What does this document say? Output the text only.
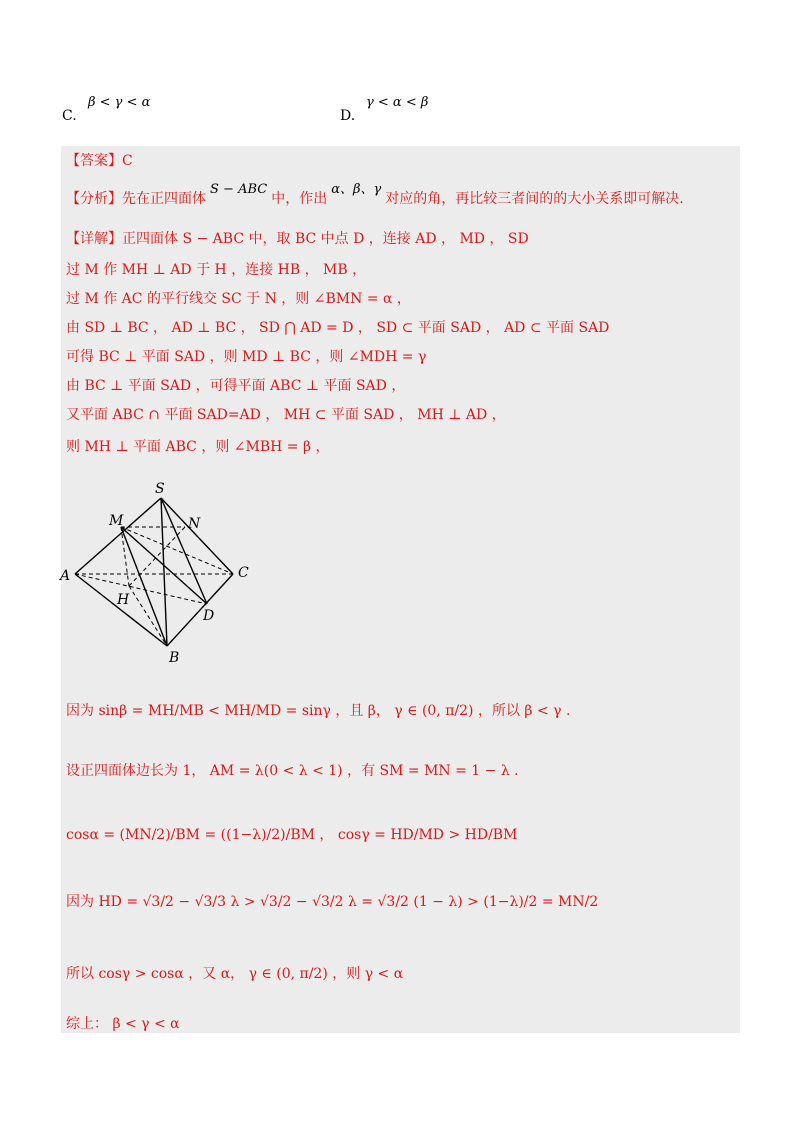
C.
β < γ < α
D.
γ < α < β
【答案】C
【分析】先在正四面体S − ABC中，作出α、β、γ对应的角，再比较三者间的的大小关系即可解决.
【详解】正四面体 S − ABC 中，取 BC 中点 D ，连接 AD ， MD ， SD
过 M 作 MH ⊥ AD 于 H ，连接 HB ， MB ，
过 M 作 AC 的平行线交 SC 于 N ，则 ∠BMN = α ，
由 SD ⊥ BC ， AD ⊥ BC ， SD ⋂ AD = D ， SD ⊂ 平面 SAD ， AD ⊂ 平面 SAD
可得 BC ⊥ 平面 SAD ，则 MD ⊥ BC ，则 ∠MDH = γ
由 BC ⊥ 平面 SAD ，可得平面 ABC ⊥ 平面 SAD ，
又平面 ABC ∩ 平面 SAD=AD ， MH ⊂ 平面 SAD ， MH ⊥ AD ，
则 MH ⊥ 平面 ABC ，则 ∠MBH = β ，
S
M	N
A	C
H
D
B
因为 sinβ = MH/MB < MH/MD = sinγ ，且 β， γ ∈ (0, π/2) ，所以 β < γ .
设正四面体边长为 1， AM = λ(0 < λ < 1) ，有 SM = MN = 1 − λ .
cosα = (MN/2)/BM = ((1−λ)/2)/BM ， cosγ = HD/MD > HD/BM
因为 HD = √3/2 − √3/3 λ > √3/2 − √3/2 λ = √3/2 (1 − λ) > (1−λ)/2 = MN/2
所以 cosγ > cosα ，又 α， γ ∈ (0, π/2) ，则 γ < α
综上： β < γ < α
